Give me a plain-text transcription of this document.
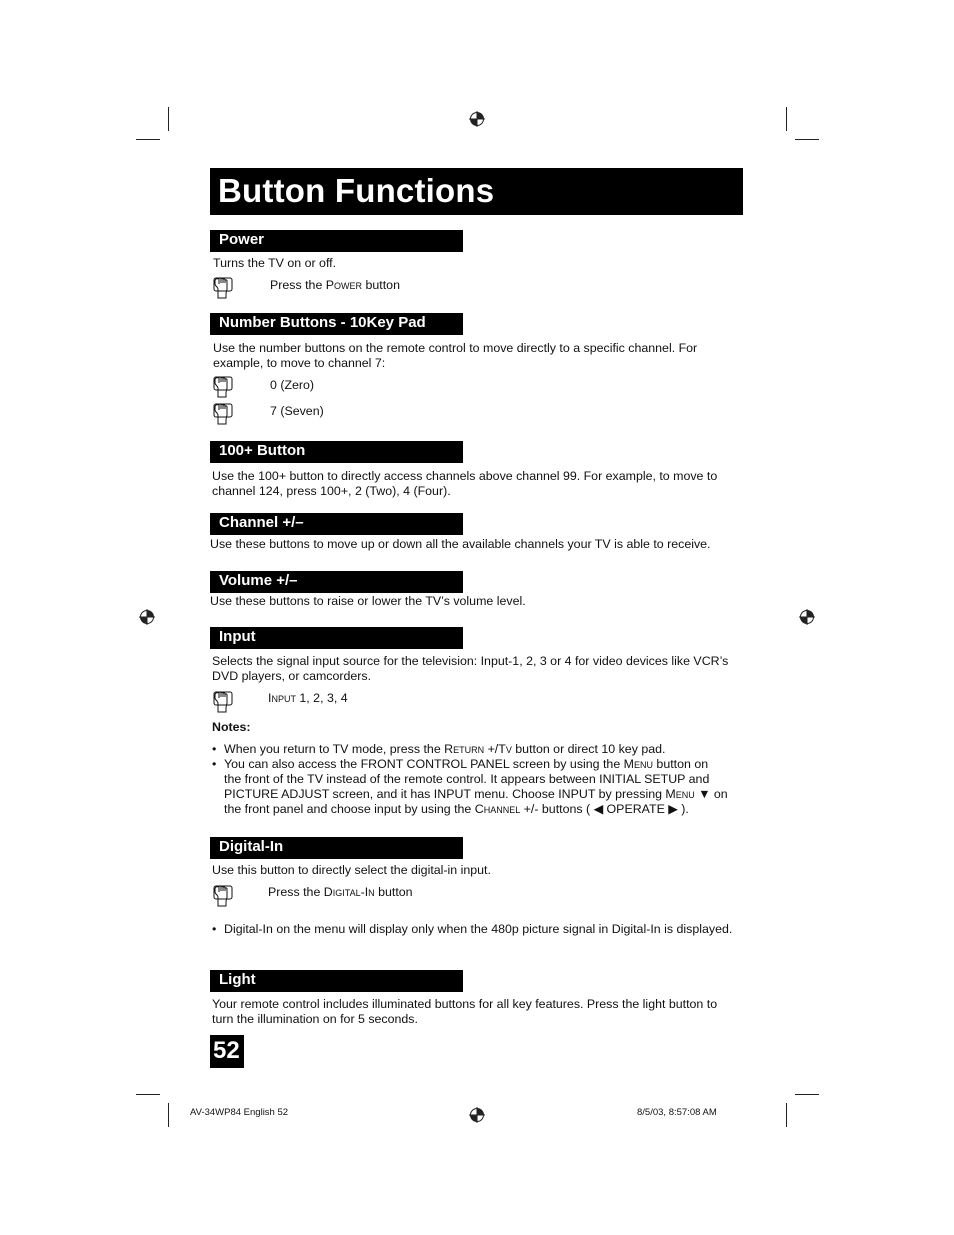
Button Functions
Power
Turns the TV on or off.
Press the Power button
Number Buttons - 10Key Pad
Use the number buttons on the remote control to move directly to a specific channel. For
example, to move to channel 7:
0 (Zero)
7 (Seven)
100+ Button
Use the 100+ button to directly access channels above channel 99. For example, to move to
channel 124, press 100+, 2 (Two), 4 (Four).
Channel +/–
Use these buttons to move up or down all the available channels your TV is able to receive.
Volume +/–
Use these buttons to raise or lower the TV’s volume level.
Input
Selects the signal input source for the television: Input-1, 2, 3 or 4 for video devices like VCR’s
DVD players, or camcorders.
Input 1, 2, 3, 4
Notes:
• When you return to TV mode, press the Return +/Tv button or direct 10 key pad.
• You can also access the FRONT CONTROL PANEL screen by using the Menu button on
the front of the TV instead of the remote control. It appears between INITIAL SETUP and
PICTURE ADJUST screen, and it has INPUT menu. Choose INPUT by pressing Menu ▼ on
the front panel and choose input by using the Channel +/- buttons ( ◀ OPERATE ▶ ).
Digital-In
Use this button to directly select the digital-in input.
Press the Digital-In button
• Digital-In on the menu will display only when the 480p picture signal in Digital-In is displayed.
Light
Your remote control includes illuminated buttons for all key features. Press the light button to
turn the illumination on for 5 seconds.
52
AV-34WP84 English 52	8/5/03, 8:57:08 AM
